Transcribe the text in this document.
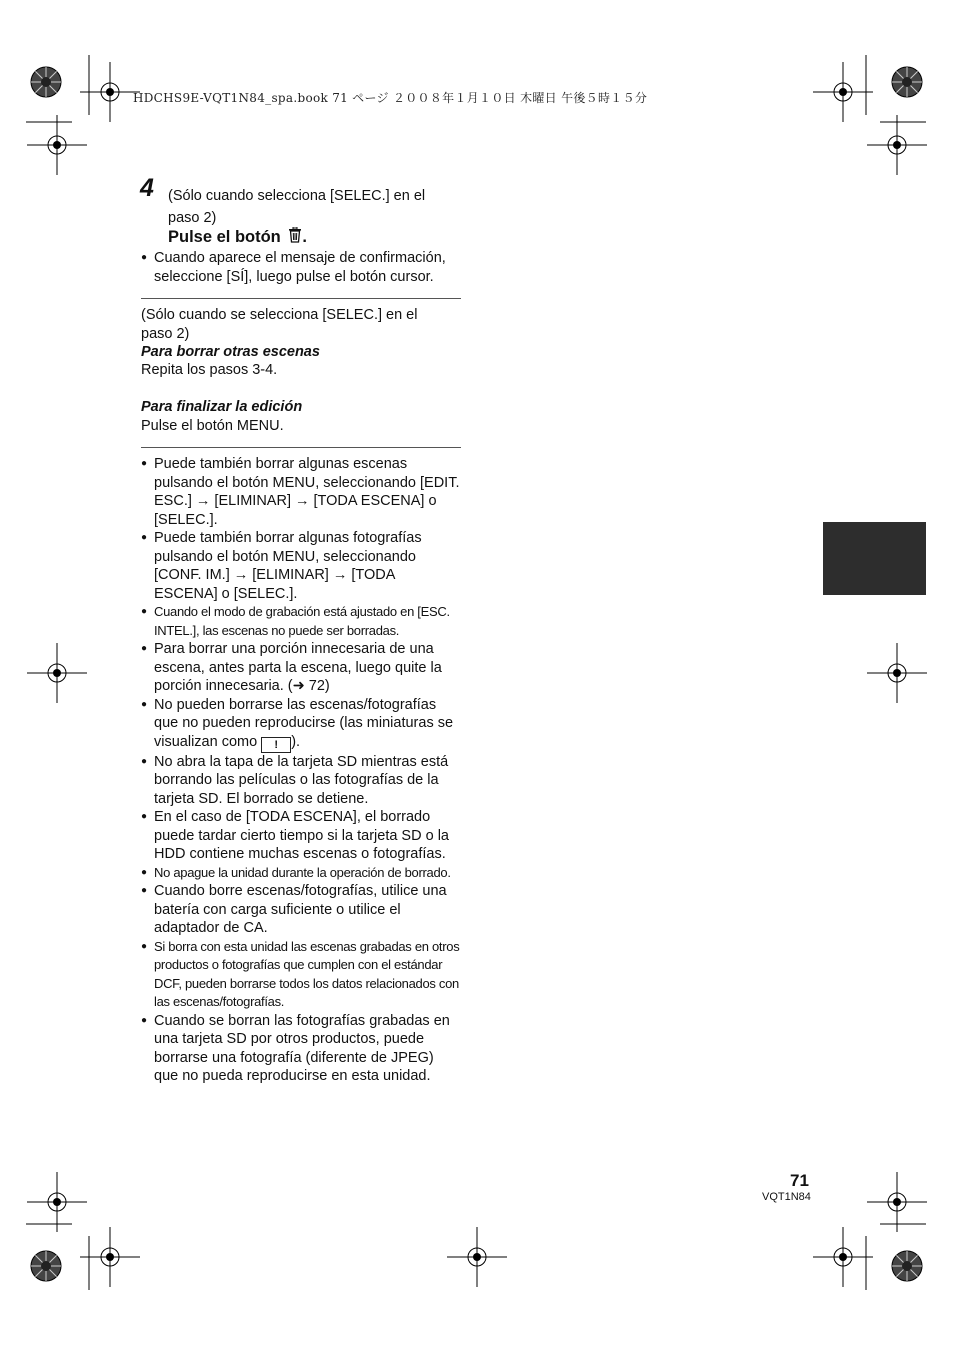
HDCHS9E-VQT1N84_spa.book 71 ページ ２００８年１月１０日 木曜日 午後５時１５分
4 (Sólo cuando selecciona [SELEC.] en el paso 2)
Pulse el botón .
● Cuando aparece el mensaje de confirmación, seleccione [SÍ], luego pulse el botón cursor.
(Sólo cuando se selecciona [SELEC.] en el paso 2)
Para borrar otras escenas
Repita los pasos 3-4.
Para finalizar la edición
Pulse el botón MENU.
● Puede también borrar algunas escenas pulsando el botón MENU, seleccionando [EDIT. ESC.] → [ELIMINAR] → [TODA ESCENA] o [SELEC.].
● Puede también borrar algunas fotografías pulsando el botón MENU, seleccionando [CONF. IM.] → [ELIMINAR] → [TODA ESCENA] o [SELEC.].
● Cuando el modo de grabación está ajustado en [ESC. INTEL.], las escenas no puede ser borradas.
● Para borrar una porción innecesaria de una escena, antes parta la escena, luego quite la porción innecesaria. (➜ 72)
● No pueden borrarse las escenas/fotografías que no pueden reproducirse (las miniaturas se visualizan como ! ).
● No abra la tapa de la tarjeta SD mientras está borrando las películas o las fotografías de la tarjeta SD. El borrado se detiene.
● En el caso de [TODA ESCENA], el borrado puede tardar cierto tiempo si la tarjeta SD o la HDD contiene muchas escenas o fotografías.
● No apague la unidad durante la operación de borrado.
● Cuando borre escenas/fotografías, utilice una batería con carga suficiente o utilice el adaptador de CA.
● Si borra con esta unidad las escenas grabadas en otros productos o fotografías que cumplen con el estándar DCF, pueden borrarse todos los datos relacionados con las escenas/fotografías.
● Cuando se borran las fotografías grabadas en una tarjeta SD por otros productos, puede borrarse una fotografía (diferente de JPEG) que no pueda reproducirse en esta unidad.
71
VQT1N84
